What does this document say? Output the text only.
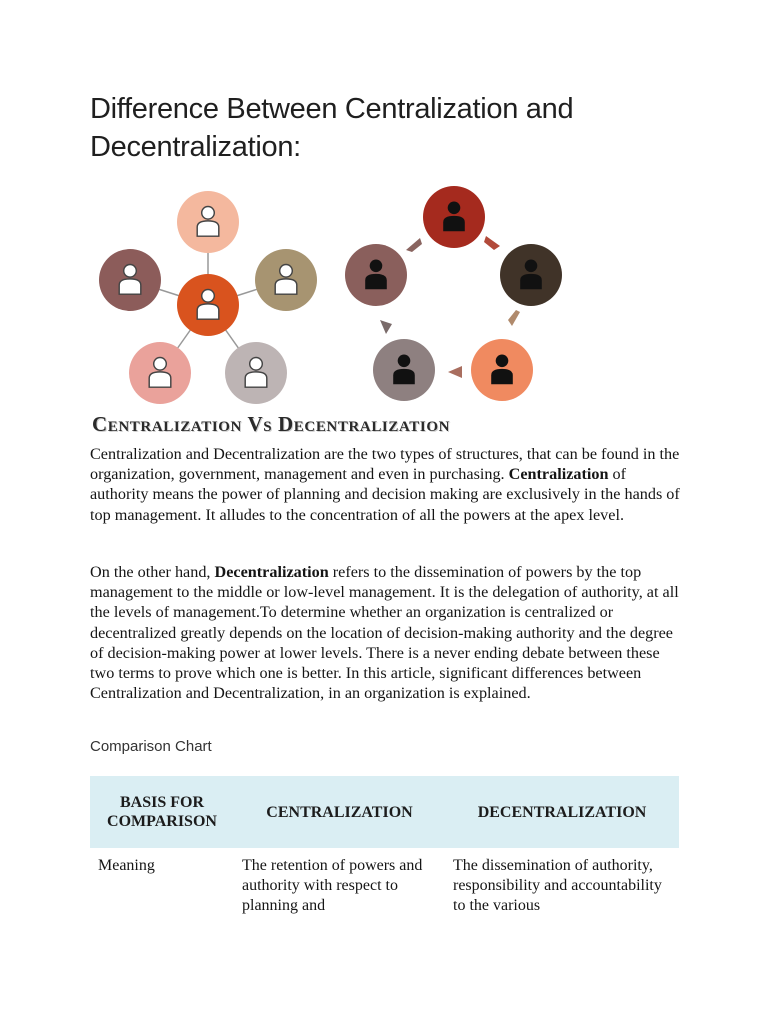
Difference Between Centralization and Decentralization:
Centralization Vs Decentralization

Centralization and Decentralization are the two types of structures, that can be found in the organization, government, management and even in purchasing. Centralization of authority means the power of planning and decision making are exclusively in the hands of top management. It alludes to the concentration of all the powers at the apex level.

On the other hand, Decentralization refers to the dissemination of powers by the top management to the middle or low-level management. It is the delegation of authority, at all the levels of management.To determine whether an organization is centralized or decentralized greatly depends on the location of decision-making authority and the degree of decision-making power at lower levels. There is a never ending debate between these two terms to prove which one is better. In this article, significant differences between Centralization and Decentralization, in an organization is explained.

Comparison Chart
BASIS FOR COMPARISON	CENTRALIZATION	DECENTRALIZATION
Meaning	The retention of powers and authority with respect to planning and	The dissemination of authority, responsibility and accountability to the various
